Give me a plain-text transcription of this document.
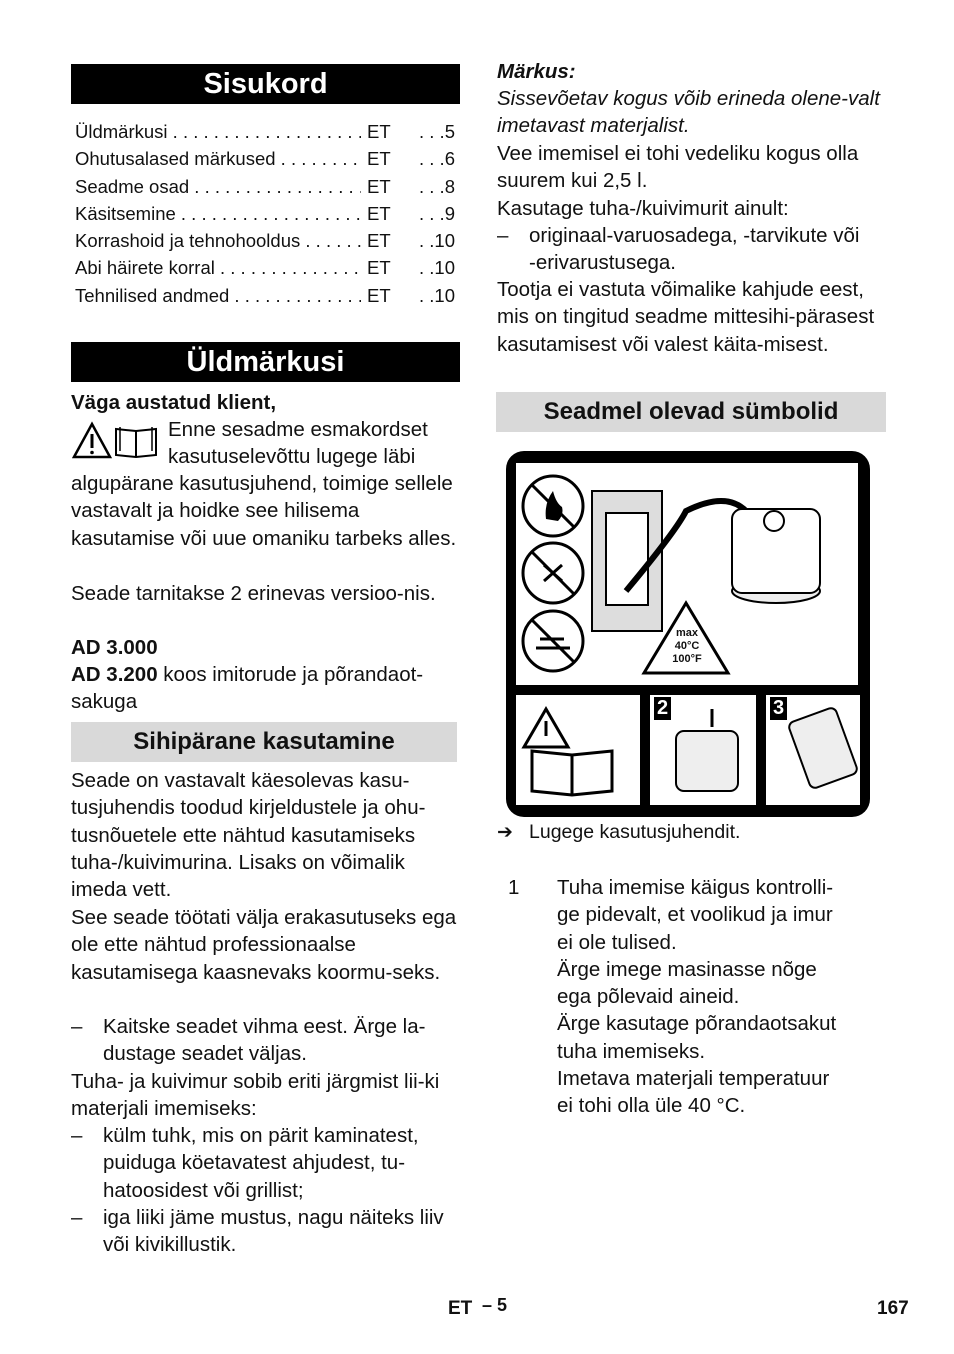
Sisukord
Üldmärkusi . . .	ET	. . .5
Ohutusalased märkused . . .	ET	. . .6
Seadme osad . . .	ET	. . .8
Käsitsemine . . .	ET	. . .9
Korrashoid ja tehnohooldus . . .	ET	. .10
Abi häirete korral . . .	ET	. .10
Tehnilised andmed . . .	ET	. .10
Üldmärkusi
Väga austatud klient,
Enne sesadme esmakordset
kasutuselevõttu lugege läbi
algupärane kasutusjuhend, toimige sellele vastavalt ja hoidke see hilisema kasutamise või uue omaniku tarbeks alles.
Seade tarnitakse 2 erinevas versioo-nis.
AD 3.000
AD 3.200 koos imitorude ja põrandaot-sakuga
Sihipärane kasutamine
Seade on vastavalt käesolevas kasu-tusjuhendis toodud kirjeldustele ja ohu-tusnõuetele ette nähtud kasutamiseks tuha-/kuivimurina. Lisaks on võimalik imeda vett.
See seade töötati välja erakasutuseks ega ole ette nähtud professionaalse kasutamisega kaasnevaks koormu-seks.
– Kaitske seadet vihma eest. Ärge la-dustage seadet väljas.
Tuha- ja kuivimur sobib eriti järgmist lii-ki materjali imemiseks:
– külm tuhk, mis on pärit kaminatest, puiduga köetavatest ahjudest, tu-hatoosidest või grillist;
– iga liiki jäme mustus, nagu näiteks liiv või kivikillustik.
Märkus:
Sissevõetav kogus võib erineda olene-valt imetavast materjalist.
Vee imemisel ei tohi vedeliku kogus olla suurem kui 2,5 l.
Kasutage tuha-/kuivimurit ainult:
– originaal-varuosadega, -tarvikute või -erivarustusega.
Tootja ei vastuta võimalike kahjude eest, mis on tingitud seadme mittesihi-pärasest kasutamisest või valest käita-misest.
Seadmel olevad sümbolid
1
2	3
max
40°C
100°F
➔ Lugege kasutusjuhendit.
1 Tuha imemise käigus kontrolli-
ge pidevalt, et voolikud ja imur
ei ole tulised.
Ärge imege masinasse nõge
ega põlevaid aineid.
Ärge kasutage põrandaotsakut
tuha imemiseks.
Imetava materjali temperatuur
ei tohi olla üle 40 °C.
ET – 5	167
